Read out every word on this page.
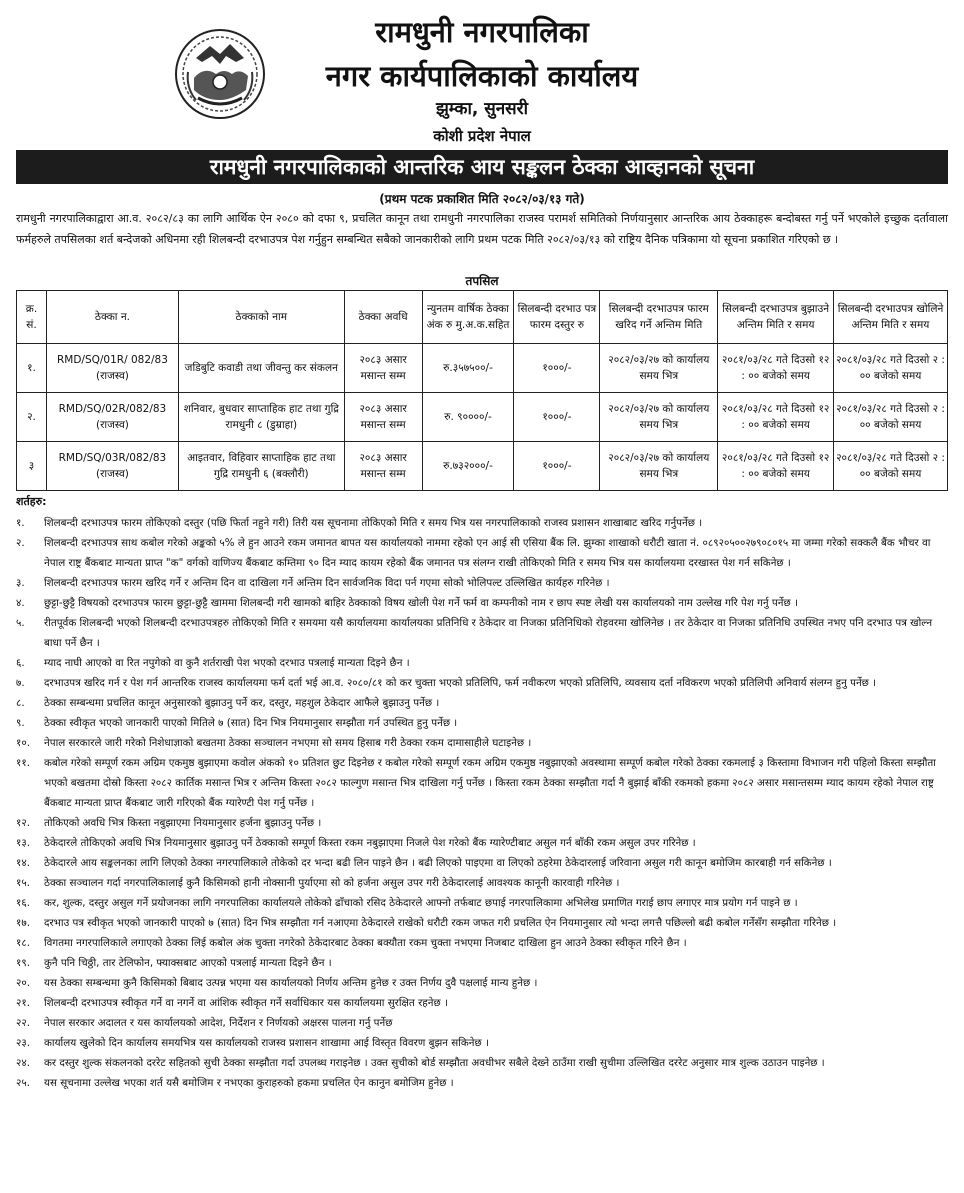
रामधुनी नगरपालिका
नगर कार्यपालिकाको कार्यालय
झुम्का, सुनसरी
कोशी प्रदेश नेपाल
रामधुनी नगरपालिकाको आन्तरिक आय सङ्कलन ठेक्का आव्हानको सूचना
(प्रथम पटक प्रकाशित मिति २०८२/०३/१३ गते)
रामधुनी नगरपालिकाद्वारा आ.व. २०८२/८३ का लागि आर्थिक ऐन २०८० को दफा ९, प्रचलित कानून तथा रामधुनी नगरपालिका राजस्व परामर्श समितिको निर्णयानुसार आन्तरिक आय ठेक्काहरू बन्दोबस्त गर्नु पर्ने भएकोले इच्छुक दर्तावाला फर्महरुले तपसिलका शर्त बन्देजको अधिनमा रही शिलबन्दी दरभाउपत्र पेश गर्नुहुन सम्बन्धित सबैको जानकारीको लागि प्रथम पटक मिति २०८२/०३/१३ को राष्ट्रिय दैनिक पत्रिकामा यो सूचना प्रकाशित गरिएको छ ।
तपसिल
क्र. सं.	ठेक्का न.	ठेक्काको नाम	ठेक्का अवधि	न्युनतम वार्षिक ठेक्का अंक रु मु.अ.क.सहित	सिलबन्दी दरभाउ पत्र फारम दस्तुर रु	सिलबन्दी दरभाउपत्र फारम खरिद गर्ने अन्तिम मिति	सिलबन्दी दरभाउपत्र बुझाउने अन्तिम मिति र समय	सिलबन्दी दरभाउपत्र खोलिने अन्तिम मिति र समय
१.	RMD/SQ/01R/ 082/83 (राजस्व)	जडिबुटि कवाडी तथा जीवन्तु कर संकलन	२०८३ असार मसान्त सम्म	रु.३५७५००/-	१०००/-	२०८२/०३/२७ को कार्यालय समय भित्र	२०८१/०३/२८ गते दिउसो १२ : ०० बजेको समय	२०८१/०३/२८ गते दिउसो २ : ०० बजेको समय
२.	RMD/SQ/02R/082/83 (राजस्व)	शनिवार, बुधवार साप्ताहिक हाट तथा गुद्रि रामधुनी ८ (डुम्राहा)	२०८३ असार मसान्त सम्म	रु. ९००००/-	१०००/-	२०८२/०३/२७ को कार्यालय समय भित्र	२०८१/०३/२८ गते दिउसो १२ : ०० बजेको समय	२०८१/०३/२८ गते दिउसो २ : ०० बजेको समय
३	RMD/SQ/03R/082/83 (राजस्व)	आइतवार, विहिवार साप्ताहिक हाट तथा गुद्रि रामधुनी ६ (बक्लौरी)	२०८३ असार मसान्त सम्म	रु.७३२०००/-	१०००/-	२०८२/०३/२७ को कार्यालय समय भित्र	२०८१/०३/२८ गते दिउसो १२ : ०० बजेको समय	२०८१/०३/२८ गते दिउसो २ : ०० बजेको समय
शर्तहरु:
१.	शिलबन्दी दरभाउपत्र फारम तोकिएको दस्तुर (पछि फिर्ता नहुने गरी) तिरी यस सूचनामा तोकिएको मिति र समय भित्र यस नगरपालिकाको राजस्व प्रशासन शाखाबाट खरिद गर्नुपर्नेछ ।
२.	शिलबन्दी दरभाउपत्र साथ कबोल गरेको अङ्कको ५% ले हुन आउने रकम जमानत बापत यस कार्यालयको नाममा रहेको एन आई सी एसिया बैंक लि. झुम्का शाखाको धरौटी खाता नं. ०८९२०५००२७९०८०१५ मा जम्मा गरेको सक्कलै बैंक भौचर वा नेपाल राष्ट्र बैंकबाट मान्यता प्राप्त "क" वर्गको वाणिज्य बैंकबाट कम्तिमा ९० दिन म्याद कायम रहेको बैंक जमानत पत्र संलग्न राखी तोकिएको मिति र समय भित्र यस कार्यालयमा दरखास्त पेश गर्न सकिनेछ ।
३.	शिलबन्दी दरभाउपत्र फारम खरिद गर्ने र अन्तिम दिन वा दाखिला गर्ने अन्तिम दिन सार्वजनिक विदा पर्न गएमा सोको भोलिपल्ट उल्लिखित कार्यहरु गरिनेछ ।
४.	छुट्टा-छुट्टै विषयको दरभाउपत्र फारम छुट्टा-छुट्टै खाममा शिलबन्दी गरी खामको बाहिर ठेक्काको विषय खोली पेश गर्ने फर्म वा कम्पनीको नाम र छाप स्पष्ट लेखी यस कार्यालयको नाम उल्लेख गरि पेश गर्नु पर्नेछ ।
५.	रीतपूर्वक शिलबन्दी भएको शिलबन्दी दरभाउपत्रहरु तोकिएको मिति र समयमा यसै कार्यालयमा कार्यालयका प्रतिनिधि र ठेकेदार वा निजका प्रतिनिधिको रोहवरमा खोलिनेछ । तर ठेकेदार वा निजका प्रतिनिधि उपस्थित नभए पनि दरभाउ पत्र खोल्न बाधा पर्ने छैन ।
६.	म्याद नाघी आएको वा रित नपुगेको वा कुनै शर्तराखी पेश भएको दरभाउ पत्रलाई मान्यता दिइने छैन ।
७.	दरभाउपत्र खरिद गर्न र पेश गर्न आन्तरिक राजस्व कार्यालयमा फर्म दर्ता भई आ.व. २०८०/८१ को कर चुक्ता भएको प्रतिलिपि, फर्म नवीकरण भएको प्रतिलिपि, व्यवसाय दर्ता नविकरण भएको प्रतिलिपी अनिवार्य संलग्न हुनु पर्नेछ ।
८.	ठेक्का सम्बन्धमा प्रचलित कानून अनुसारको बुझाउनु पर्ने कर, दस्तुर, महशुल ठेकेदार आफैले बुझाउनु पर्नेछ ।
९.	ठेक्का स्वीकृत भएको जानकारी पाएको मितिले ७ (सात) दिन भित्र नियमानुसार सम्झौता गर्न उपस्थित हुनु पर्नेछ ।
१०.	नेपाल सरकारले जारी गरेको निशेधाज्ञाको बखतमा ठेक्का सञ्चालन नभएमा सो समय हिसाब गरी ठेक्का रकम दामासाहीले घटाइनेछ ।
११.	कबोल गरेको सम्पूर्ण रकम अग्रिम एकमुष्ठ बुझाएमा कवोल अंकको १० प्रतिशत छुट दिइनेछ र कबोल गरेको सम्पूर्ण रकम अग्रिम एकमुष्ठ नबुझाएको अवस्थामा सम्पूर्ण कबोल गरेको ठेक्का रकमलाई ३ किस्तामा विभाजन गरी पहिलो किस्ता सम्झौता भएको बखतमा दोस्रो किस्ता २०८२ कार्तिक मसान्त भित्र र अन्तिम किस्ता २०८२ फाल्गुण मसान्त भित्र दाखिला गर्नु पर्नेछ । किस्ता रकम ठेक्का सम्झौता गर्दा नै बुझाई बाँकी रकमको हकमा २०८२ असार मसान्तसम्म म्याद कायम रहेको नेपाल राष्ट्र बैंकबाट मान्यता प्राप्त बैंकबाट जारी गरिएको बैंक ग्यारेण्टी पेश गर्नु पर्नेछ ।
१२.	तोकिएको अवधि भित्र किस्ता नबुझाएमा नियमानुसार हर्जना बुझाउनु पर्नेछ ।
१३.	ठेकेदारले तोकिएको अवधि भित्र नियमानुसार बुझाउनु पर्ने ठेक्काको सम्पूर्ण किस्ता रकम नबुझाएमा निजले पेश गरेको बैंक ग्यारेण्टीबाट असुल गर्न बाँकी रकम असुल उपर गरिनेछ ।
१४.	ठेकेदारले आय सङ्कलनका लागि लिएको ठेक्का नगरपालिकाले तोकेको दर भन्दा बढी लिन पाइने छैन । बढी लिएको पाइएमा वा लिएको ठहरेमा ठेकेदारलाई जरिवाना असुल गरी कानून बमोजिम कारबाही गर्न सकिनेछ ।
१५.	ठेक्का सञ्चालन गर्दा नगरपालिकालाई कुनै किसिमको हानी नोक्सानी पुर्याएमा सो को हर्जना असुल उपर गरी ठेकेदारलाई आवश्यक कानूनी कारवाही गरिनेछ ।
१६.	कर, शुल्क, दस्तुर असुल गर्ने प्रयोजनका लागि नगरपालिका कार्यालयले तोकेको ढाँचाको रसिद ठेकेदारले आफ्नो तर्फबाट छपाई नगरपालिकामा अभिलेख प्रमाणित गराई छाप लगाएर मात्र प्रयोग गर्न पाइने छ ।
१७.	दरभाउ पत्र स्वीकृत भएको जानकारी पाएको ७ (सात) दिन भित्र सम्झौता गर्न नआएमा ठेकेदारले राखेको धरौटी रकम जफत गरी प्रचलित ऐन नियमानुसार त्यो भन्दा लगत्तै पछिल्लो बढी कबोल गर्नेसँग सम्झौता गरिनेछ ।
१८.	विगतमा नगरपालिकाले लगाएको ठेक्का लिई कबोल अंक चुक्ता नगरेको ठेकेदारबाट ठेक्का बक्यौता रकम चुक्ता नभएमा निजबाट दाखिला हुन आउने ठेक्का स्वीकृत गरिने छैन ।
१९.	कुनै पनि चिठ्ठी, तार टेलिफोन, फ्याक्सबाट आएको पत्रलाई मान्यता दिइने छैन ।
२०.	यस ठेक्का सम्बन्धमा कुनै किसिमको बिबाद उत्पन्न भएमा यस कार्यालयको निर्णय अन्तिम हुनेछ र उक्त निर्णय दुवै पक्षलाई मान्य हुनेछ ।
२१.	शिलबन्दी दरभाउपत्र स्वीकृत गर्ने वा नगर्ने वा आंशिक स्वीकृत गर्ने सर्वाधिकार यस कार्यालयमा सुरक्षित रहनेछ ।
२२.	नेपाल सरकार अदालत र यस कार्यालयको आदेश, निर्देशन र निर्णयको अक्षरस पालना गर्नु पर्नेछ
२३.	कार्यालय खुलेको दिन कार्यालय समयभित्र यस कार्यालयको राजस्व प्रशासन शाखामा आई विस्तृत विवरण बुझन सकिनेछ ।
२४.	कर दस्तुर शुल्क संकलनको दररेट सहितको सुची ठेक्का सम्झौता गर्दा उपलब्ध गराइनेछ । उक्त सुचीको बोर्ड सम्झौता अवधीभर सबैले देख्ने ठाउँमा राखी सुचीमा उल्लिखित दररेट अनुसार मात्र शुल्क उठाउन पाइनेछ ।
२५.	यस सूचनामा उल्लेख भएका शर्त यसै बमोजिम र नभएका कुराहरुको हकमा प्रचलित ऐन कानुन बमोजिम हुनेछ ।
